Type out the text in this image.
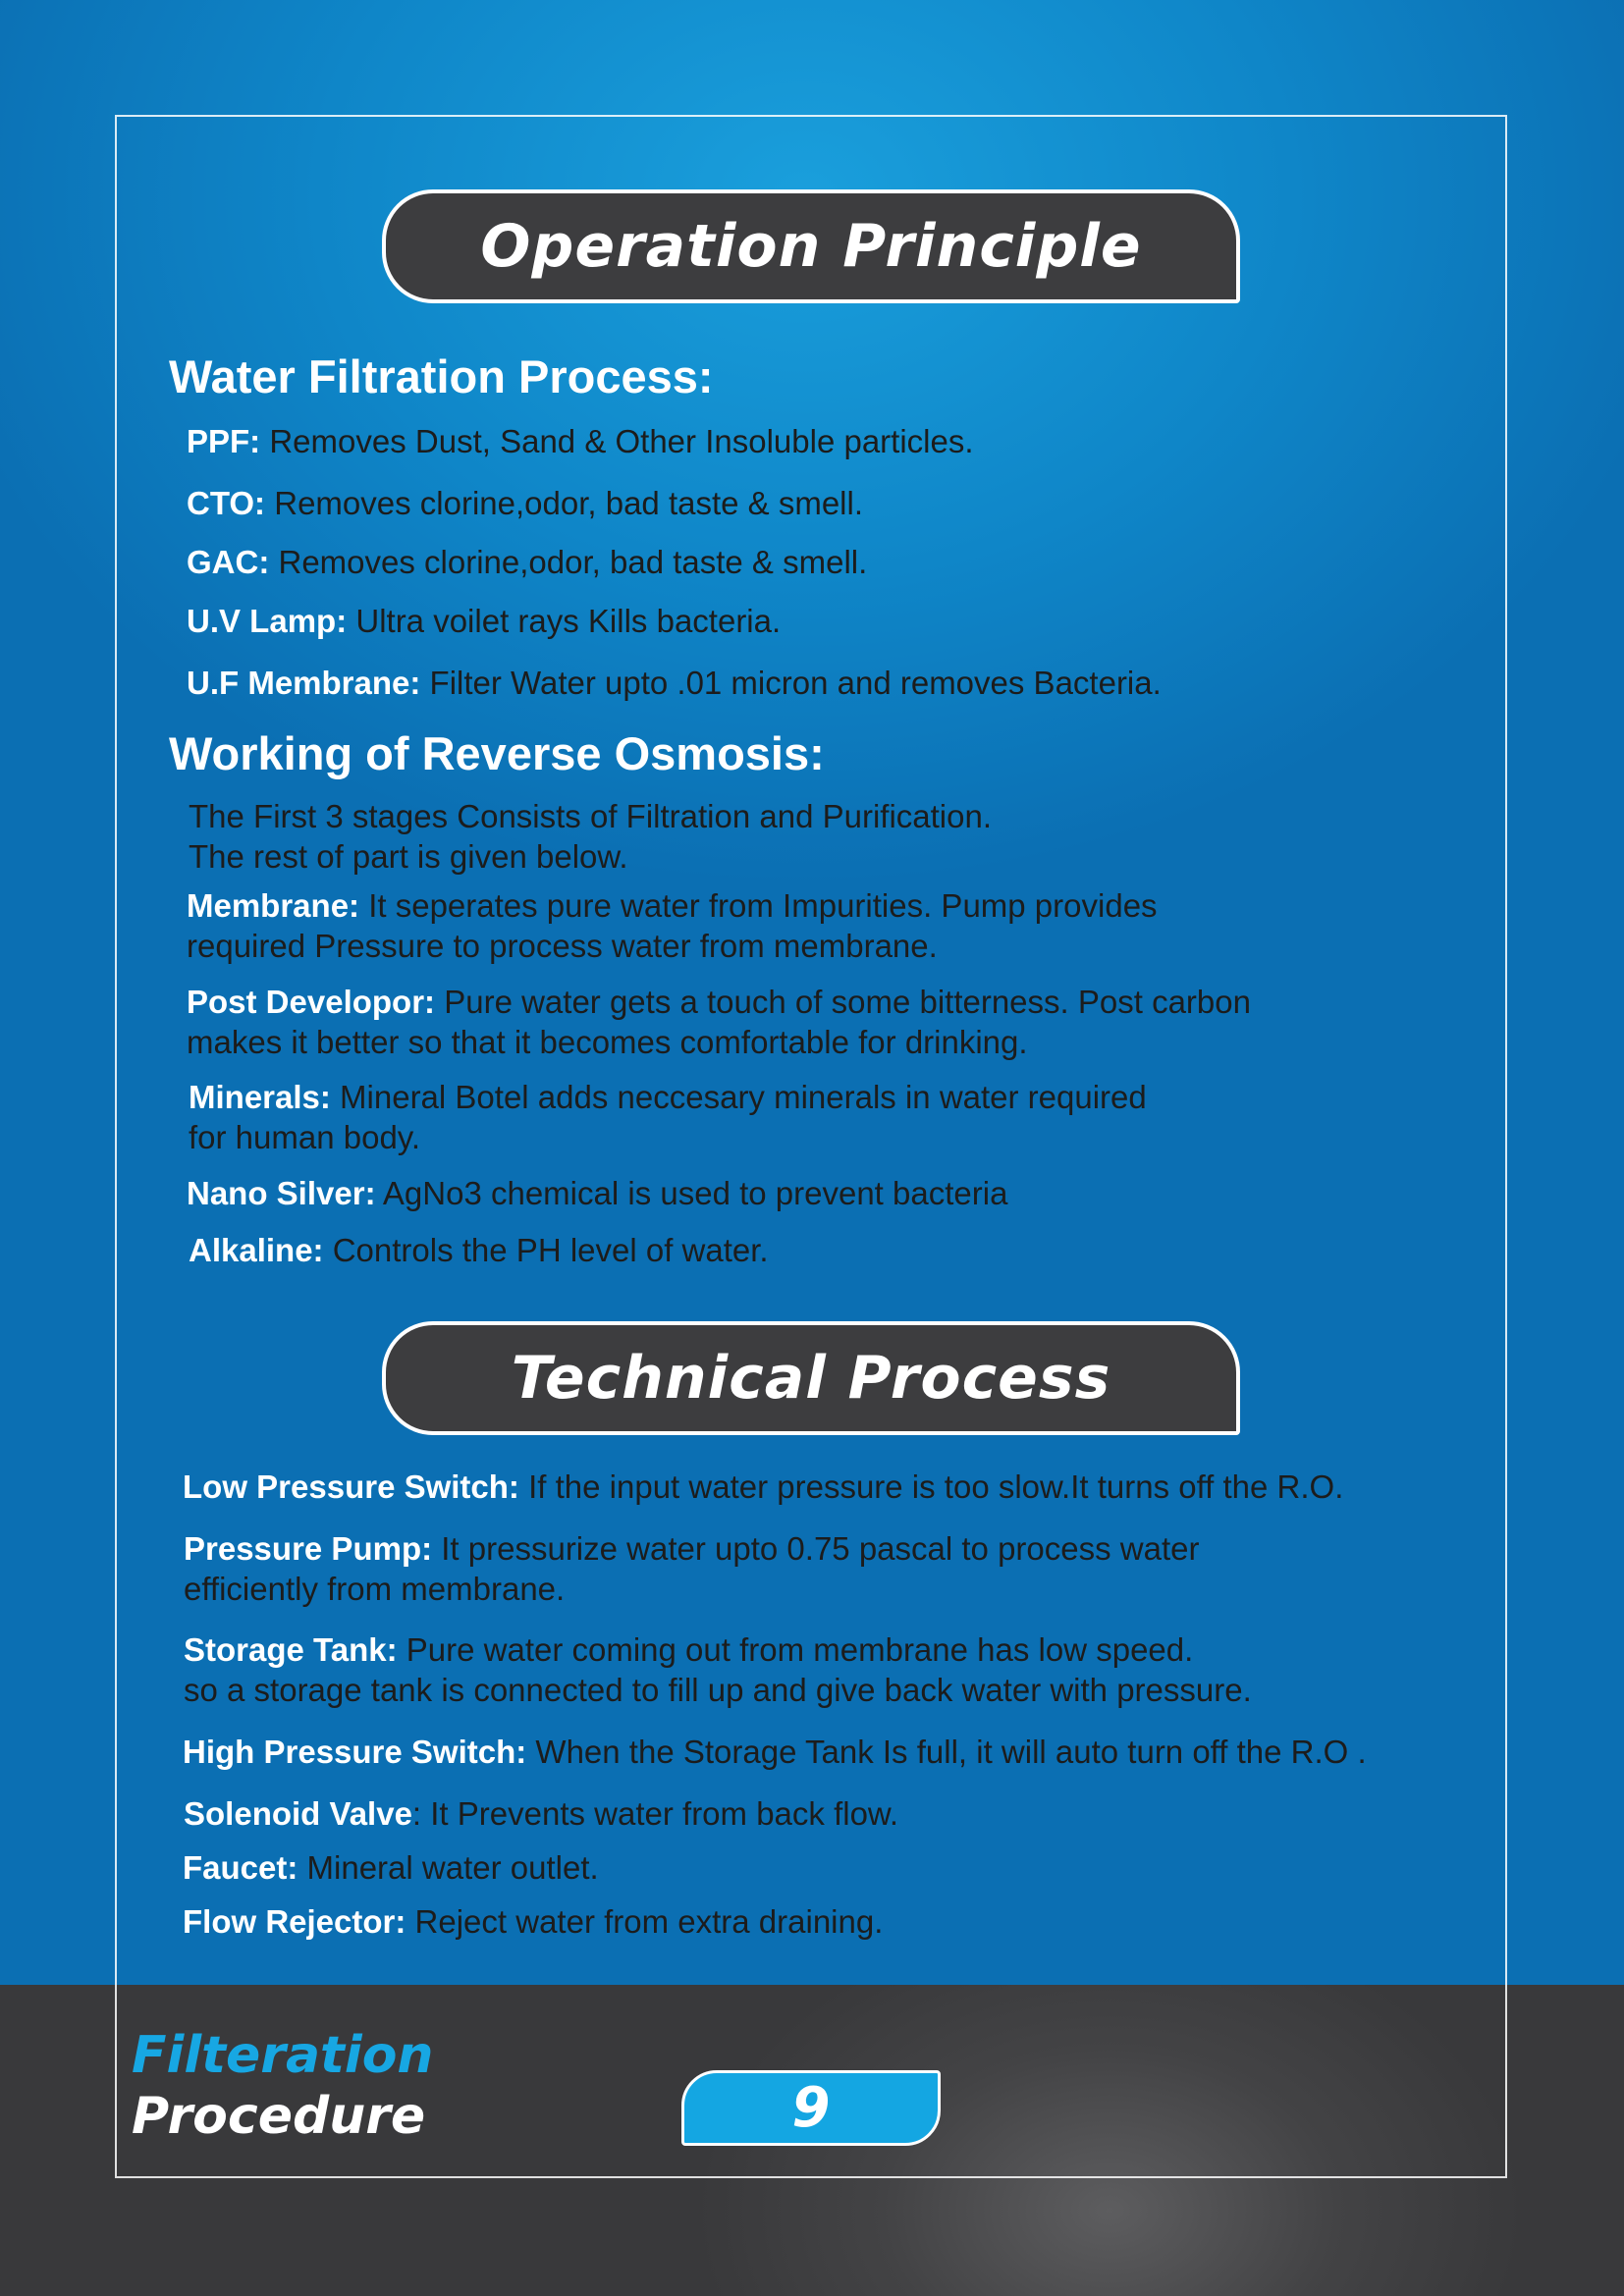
Operation Principle
Water Filtration Process:
PPF: Removes Dust, Sand & Other Insoluble particles.
CTO: Removes clorine,odor, bad taste & smell.
GAC: Removes clorine,odor, bad taste & smell.
U.V Lamp: Ultra voilet rays Kills bacteria.
U.F Membrane: Filter Water upto .01 micron and removes Bacteria.
Working of Reverse Osmosis:
The First 3 stages Consists of Filtration and Purification.
The rest of part is given below.
Membrane: It seperates pure water from Impurities. Pump provides
required Pressure to process water from membrane.
Post Developor: Pure water gets a touch of some bitterness. Post carbon
makes it better so that it becomes comfortable for drinking.
Minerals: Mineral Botel adds neccesary minerals in water required
for human body.
Nano Silver: AgNo3 chemical is used to prevent bacteria
Alkaline: Controls the PH level of water.
Technical Process
Low Pressure Switch: If the input water pressure is too slow.It turns off the R.O.
Pressure Pump: It pressurize water upto 0.75 pascal to process water
efficiently from membrane.
Storage Tank: Pure water coming out from membrane has low speed.
so a storage tank is connected to fill up and give back water with pressure.
High Pressure Switch: When the Storage Tank Is full, it will auto turn off the R.O .
Solenoid Valve: It Prevents water from back flow.
Faucet: Mineral water outlet.
Flow Rejector: Reject water from extra draining.
Filteration
Procedure	9
